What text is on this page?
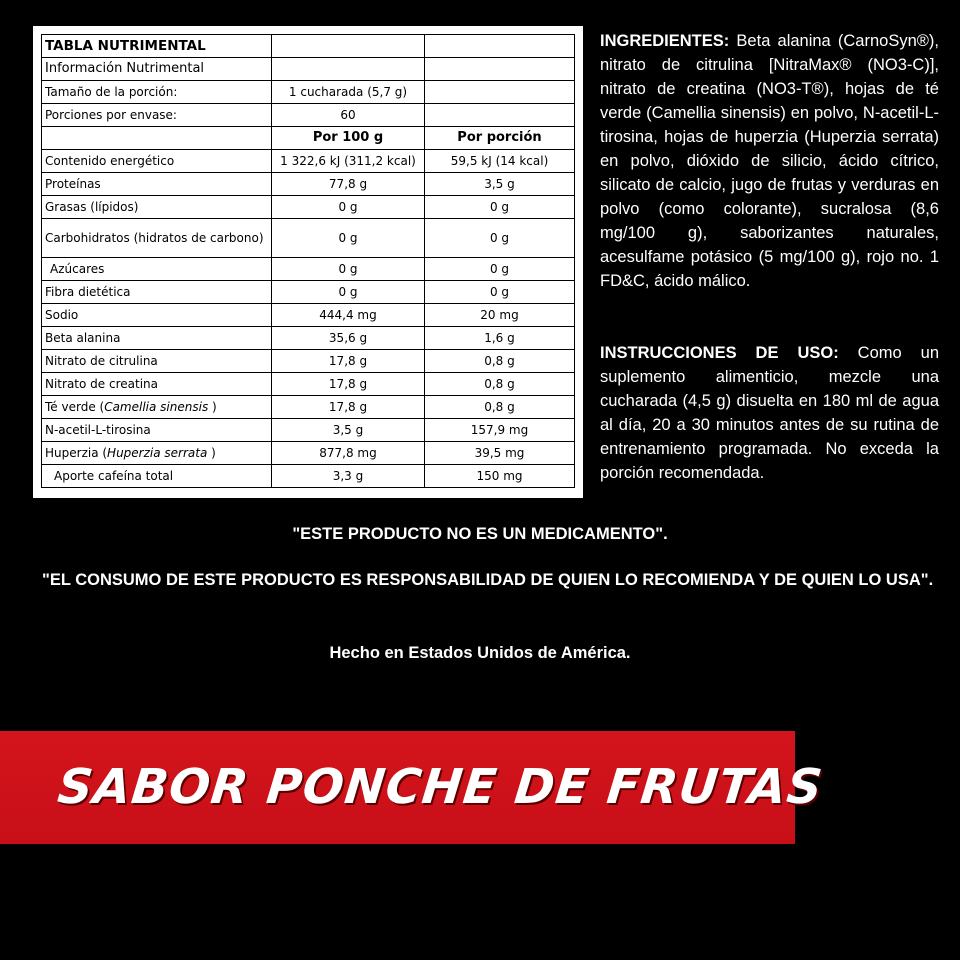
TABLA NUTRIMENTAL		
Información Nutrimental		
Tamaño de la porción:	1 cucharada (5,7 g)	
Porciones por envase:	60	
	Por 100 g	Por porción
Contenido energético	1 322,6 kJ (311,2 kcal)	59,5 kJ (14 kcal)
Proteínas	77,8 g	3,5 g
Grasas (lípidos)	0 g	0 g
Carbohidratos (hidratos de carbono)	0 g	0 g
Azúcares	0 g	0 g
Fibra dietética	0 g	0 g
Sodio	444,4 mg	20 mg
Beta alanina	35,6 g	1,6 g
Nitrato de citrulina	17,8 g	0,8 g
Nitrato de creatina	17,8 g	0,8 g
Té verde (Camellia sinensis )	17,8 g	0,8 g
N-acetil-L-tirosina	3,5 g	157,9 mg
Huperzia (Huperzia serrata )	877,8 mg	39,5 mg
Aporte cafeína total	3,3 g	150 mg
INGREDIENTES: Beta alanina (CarnoSyn®), nitrato de citrulina [NitraMax® (NO3-C)], nitrato de creatina (NO3-T®), hojas de té verde (Camellia sinensis) en polvo, N-acetil-L-tirosina, hojas de huperzia (Huperzia serrata) en polvo, dióxido de silicio, ácido cítrico, silicato de calcio, jugo de frutas y verduras en polvo (como colorante), sucralosa (8,6 mg/100 g), saborizantes naturales, acesulfame potásico (5 mg/100 g), rojo no. 1 FD&C, ácido málico.
INSTRUCCIONES DE USO: Como un suplemento alimenticio, mezcle una cucharada (4,5 g) disuelta en 180 ml de agua al día, 20 a 30 minutos antes de su rutina de entrenamiento programada. No exceda la porción recomendada.
"ESTE PRODUCTO NO ES UN MEDICAMENTO".
"EL CONSUMO DE ESTE PRODUCTO ES RESPONSABILIDAD DE QUIEN LO RECOMIENDA Y DE QUIEN LO USA".
Hecho en Estados Unidos de América.
SABOR PONCHE DE FRUTAS
